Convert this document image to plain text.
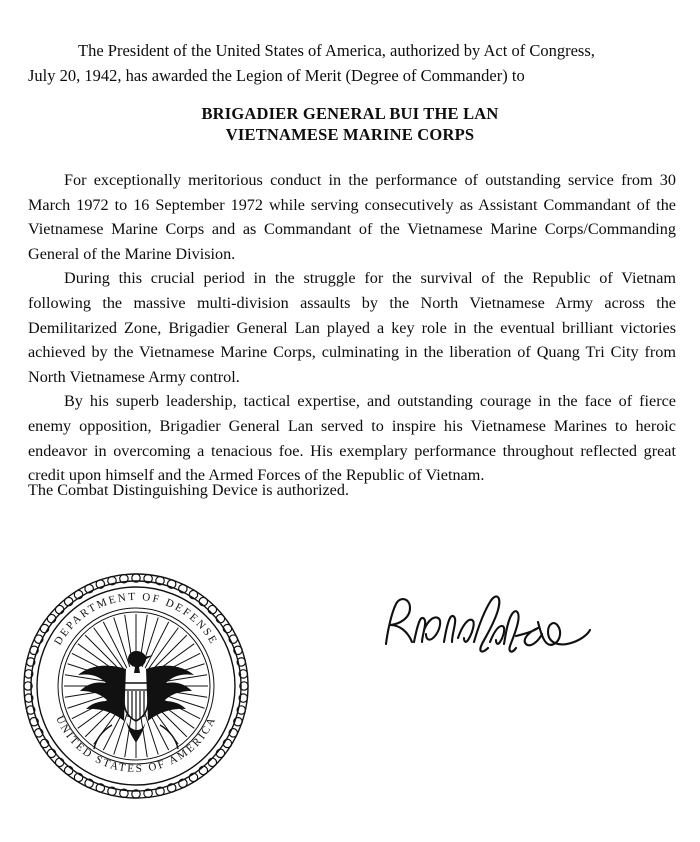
The President of the United States of America, authorized by Act of Congress,
July 20, 1942, has awarded the Legion of Merit (Degree of Commander) to
BRIGADIER GENERAL BUI THE LAN
VIETNAMESE MARINE CORPS

For exceptionally meritorious conduct in the performance of outstanding service from 30 March 1972 to 16 September 1972 while serving consecutively as Assistant Commandant of the Vietnamese Marine Corps and as Commandant of the Vietnamese Marine Corps/Commanding General of the Marine Division.

During this crucial period in the struggle for the survival of the Republic of Vietnam following the massive multi-division assaults by the North Vietnamese Army across the Demilitarized Zone, Brigadier General Lan played a key role in the eventual brilliant victories achieved by the Vietnamese Marine Corps, culminating in the liberation of Quang Tri City from North Vietnamese Army control.

By his superb leadership, tactical expertise, and outstanding courage in the face of fierce enemy opposition, Brigadier General Lan served to inspire his Vietnamese Marines to heroic endeavor in overcoming a tenacious foe. His exemplary performance throughout reflected great credit upon himself and the Armed Forces of the Republic of Vietnam.

The Combat Distinguishing Device is authorized.
DEPARTMENT OF DEFENSE
UNITED STATES OF AMERICA
